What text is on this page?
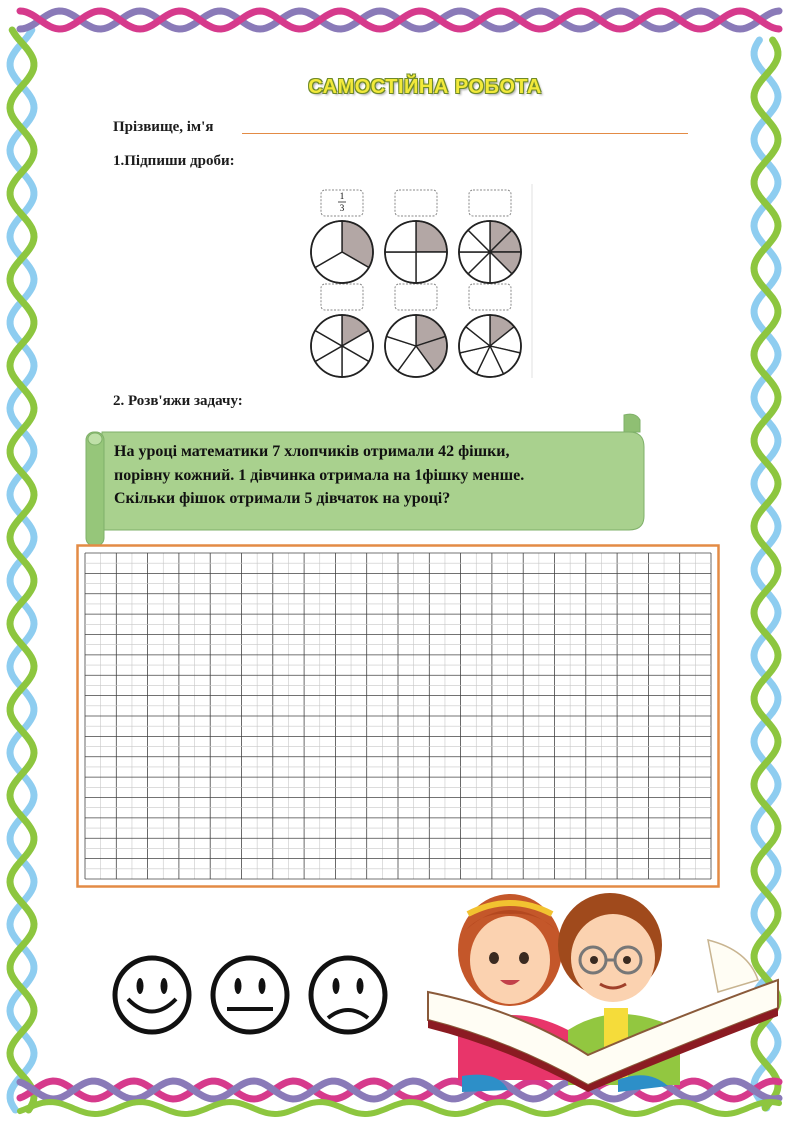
САМОСТІЙНА РОБОТА
Прізвище, ім'я
1.Підпиши дроби:
1
3
2. Розв'яжи задачу:
На уроці математики 7 хлопчиків отримали 42 фішки,
порівну кожний. 1 дівчинка отримала на 1фішку менше.
Скільки фішок отримали 5 дівчаток на уроці?
